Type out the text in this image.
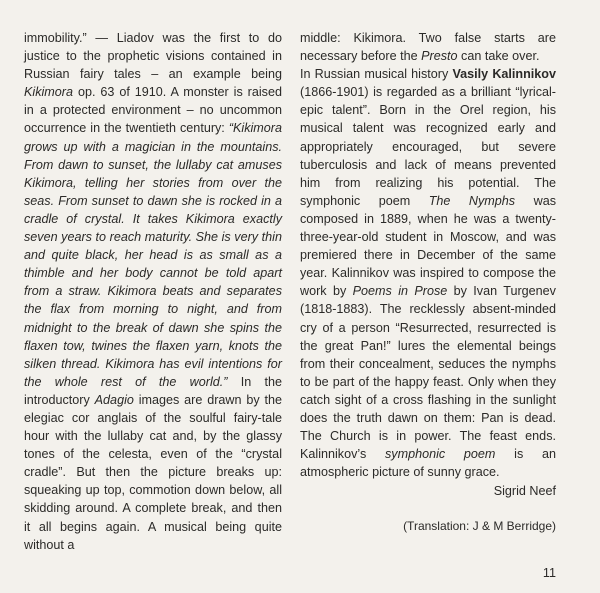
immobility.” — Liadov was the first to do justice to the prophetic visions contained in Russian fairy tales – an example being Kikimora op. 63 of 1910. A monster is raised in a protected environment – no uncommon occurrence in the twentieth century: “Kikimora grows up with a magician in the mountains. From dawn to sunset, the lullaby cat amuses Kikimora, telling her stories from over the seas. From sunset to dawn she is rocked in a cradle of crystal. It takes Kikimora exactly seven years to reach maturity. She is very thin and quite black, her head is as small as a thimble and her body cannot be told apart from a straw. Kikimora beats and separates the flax from morning to night, and from midnight to the break of dawn she spins the flaxen tow, twines the flaxen yarn, knots the silken thread. Kikimora has evil intentions for the whole rest of the world.” In the introductory Adagio images are drawn by the elegiac cor anglais of the soulful fairy-tale hour with the lullaby cat and, by the glassy tones of the celesta, even of the “crystal cradle”. But then the picture breaks up: squeaking up top, commotion down below, all skidding around. A complete break, and then it all begins again. A musical being quite without a

middle: Kikimora. Two false starts are necessary before the Presto can take over.

In Russian musical history Vasily Kalinnikov (1866-1901) is regarded as a brilliant “lyrical-epic talent”. Born in the Orel region, his musical talent was recognized early and appropriately encouraged, but severe tuberculosis and lack of means prevented him from realizing his potential. The symphonic poem The Nymphs was composed in 1889, when he was a twenty-three-year-old student in Moscow, and was premiered there in December of the same year. Kalinnikov was inspired to compose the work by Poems in Prose by Ivan Turgenev (1818-1883). The recklessly absent-minded cry of a person “Resurrected, resurrected is the great Pan!” lures the elemental beings from their concealment, seduces the nymphs to be part of the happy feast. Only when they catch sight of a cross flashing in the sunlight does the truth dawn on them: Pan is dead. The Church is in power. The feast ends. Kalinnikov’s symphonic poem is an atmospheric picture of sunny grace.

Sigrid Neef
(Translation: J & M Berridge)
11
